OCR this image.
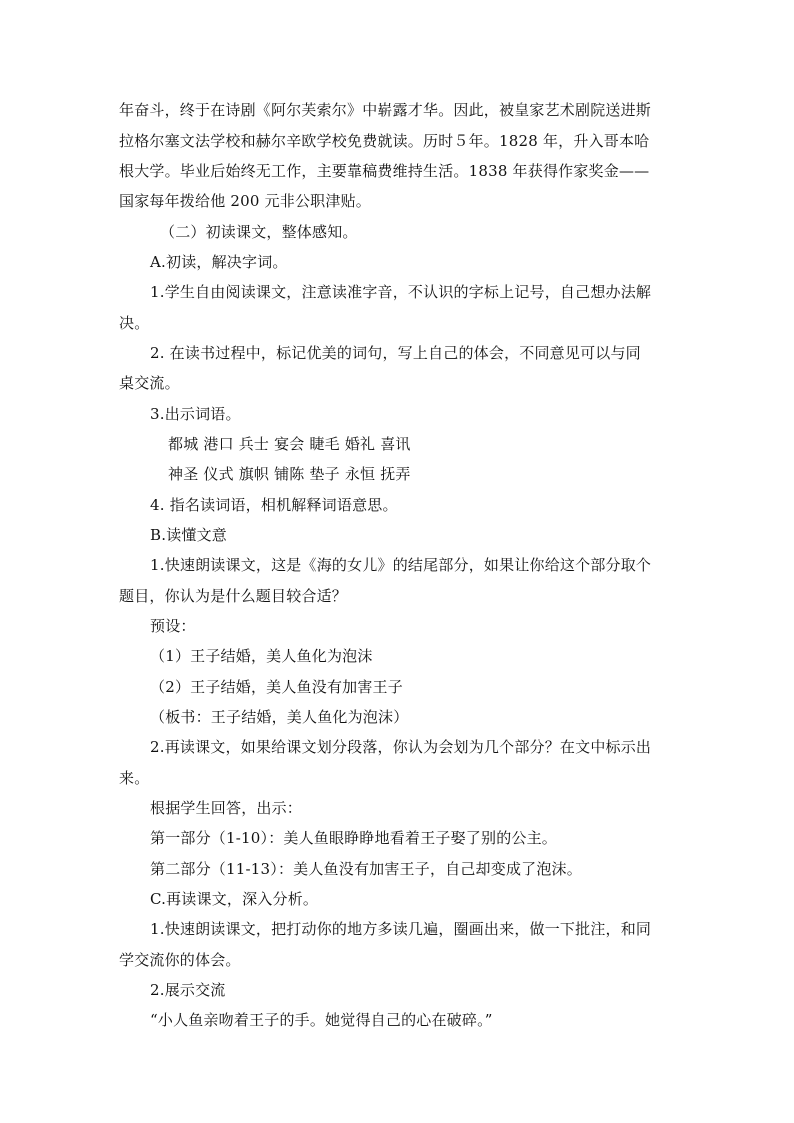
年奋斗，终于在诗剧《阿尔芙索尔》中崭露才华。因此，被皇家艺术剧院送进斯
拉格尔塞文法学校和赫尔辛欧学校免费就读。历时５年。1828 年，升入哥本哈
根大学。毕业后始终无工作，主要靠稿费维持生活。1838 年获得作家奖金——
国家每年拨给他 200 元非公职津贴。
（二）初读课文，整体感知。
A.初读，解决字词。
1.学生自由阅读课文，注意读准字音，不认识的字标上记号，自己想办法解
决。
2. 在读书过程中，标记优美的词句，写上自己的体会，不同意见可以与同
桌交流。
3.出示词语。
都城 港口 兵士 宴会 睫毛 婚礼 喜讯
神圣 仪式 旗帜 铺陈 垫子 永恒 抚弄
4. 指名读词语，相机解释词语意思。
B.读懂文意
1.快速朗读课文，这是《海的女儿》的结尾部分，如果让你给这个部分取个
题目，你认为是什么题目较合适？
预设：
（1）王子结婚，美人鱼化为泡沫
（2）王子结婚，美人鱼没有加害王子
（板书：王子结婚，美人鱼化为泡沫）
2.再读课文，如果给课文划分段落，你认为会划为几个部分？在文中标示出
来。
根据学生回答，出示：
第一部分（1-10）：美人鱼眼睁睁地看着王子娶了别的公主。
第二部分（11-13）：美人鱼没有加害王子，自己却变成了泡沫。
C.再读课文，深入分析。
1.快速朗读课文，把打动你的地方多读几遍，圈画出来，做一下批注，和同
学交流你的体会。
2.展示交流
“小人鱼亲吻着王子的手。她觉得自己的心在破碎。”
